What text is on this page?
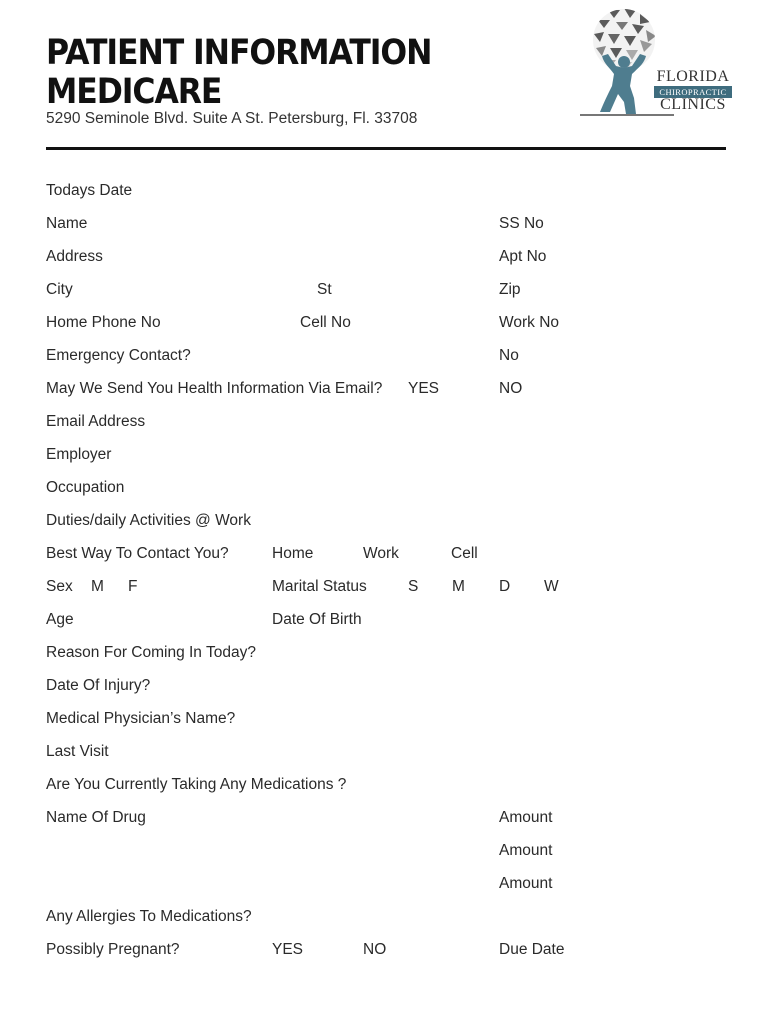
PATIENT INFORMATION
MEDICARE
5290 Seminole Blvd. Suite A St. Petersburg, Fl. 33708
FLORIDA
CHIROPRACTIC
CLINICS
Todays Date
Name	SS No
Address	Apt No
City	St	Zip
Home Phone No	Cell No	Work No
Emergency Contact?	No
May We Send You Health Information Via Email? YES	NO
Email Address
Employer
Occupation
Duties/daily Activities @ Work
Best Way To Contact You?	Home	Work	Cell
Sex M F	Marital Status	S M D W
Age	Date Of Birth
Reason For Coming In Today?
Date Of Injury?
Medical Physician’s Name?
Last Visit
Are You Currently Taking Any Medications ?
Name Of Drug	Amount
Amount
Amount
Any Allergies To Medications?
Possibly Pregnant?	YES	NO	Due Date
